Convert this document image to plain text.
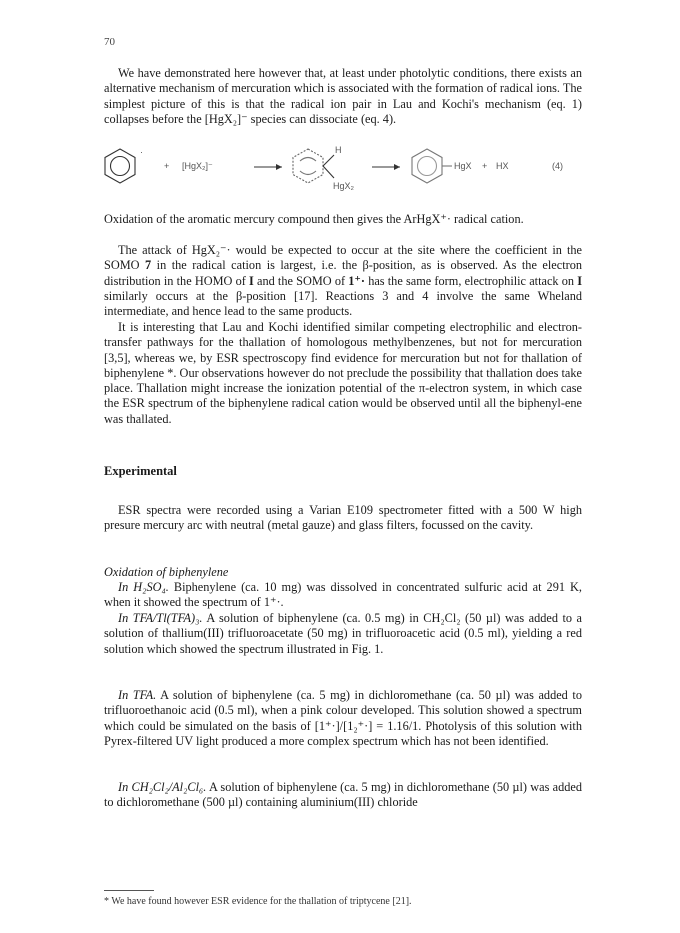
70

We have demonstrated here however that, at least under photolytic conditions, there exists an alternative mechanism of mercuration which is associated with the formation of radical ions. The simplest picture of this is that the radical ion pair in Lau and Kochi's mechanism (eq. 1) collapses before the [HgX₂]⁻ species can dissociate (eq. 4).

·
+ [HgX₂]⁻
H
HgX₂
HgX + HX	(4)

Oxidation of the aromatic mercury compound then gives the ArHgX⁺· radical cation.

The attack of HgX₂⁻· would be expected to occur at the site where the coefficient in the SOMO 7 in the radical cation is largest, i.e. the β-position, as is observed. As the electron distribution in the HOMO of I and the SOMO of 1⁺· has the same form, electrophilic attack on I similarly occurs at the β-position [17]. Reactions 3 and 4 involve the same Wheland intermediate, and hence lead to the same products.

It is interesting that Lau and Kochi identified similar competing electrophilic and electron-transfer pathways for the thallation of homologous methylbenzenes, but not for mercuration [3,5], whereas we, by ESR spectroscopy find evidence for mercuration but not for thallation of biphenylene *. Our observations however do not preclude the possibility that thallation does take place. Thallation might increase the ionization potential of the π-electron system, in which case the ESR spectrum of the biphenylene radical cation would be observed until all the biphenyl-ene was thallated.

Experimental

ESR spectra were recorded using a Varian E109 spectrometer fitted with a 500 W high presure mercury arc with neutral (metal gauze) and glass filters, focussed on the cavity.

Oxidation of biphenylene

In H₂SO₄. Biphenylene (ca. 10 mg) was dissolved in concentrated sulfuric acid at 291 K, when it showed the spectrum of 1⁺·.

In TFA/Tl(TFA)₃. A solution of biphenylene (ca. 0.5 mg) in CH₂Cl₂ (50 µl) was added to a solution of thallium(III) trifluoroacetate (50 mg) in trifluoroacetic acid (0.5 ml), yielding a red solution which showed the spectrum illustrated in Fig. 1.

In TFA. A solution of biphenylene (ca. 5 mg) in dichloromethane (ca. 50 µl) was added to trifluoroethanoic acid (0.5 ml), when a pink colour developed. This solution showed a spectrum which could be simulated on the basis of [1⁺·]/[1₂⁺·] = 1.16/1. Photolysis of this solution with Pyrex-filtered UV light produced a more complex spectrum which has not been identified.

In CH₂Cl₂/Al₂Cl₆. A solution of biphenylene (ca. 5 mg) in dichloromethane (50 µl) was added to dichloromethane (500 µl) containing aluminium(III) chloride

* We have found however ESR evidence for the thallation of triptycene [21].
